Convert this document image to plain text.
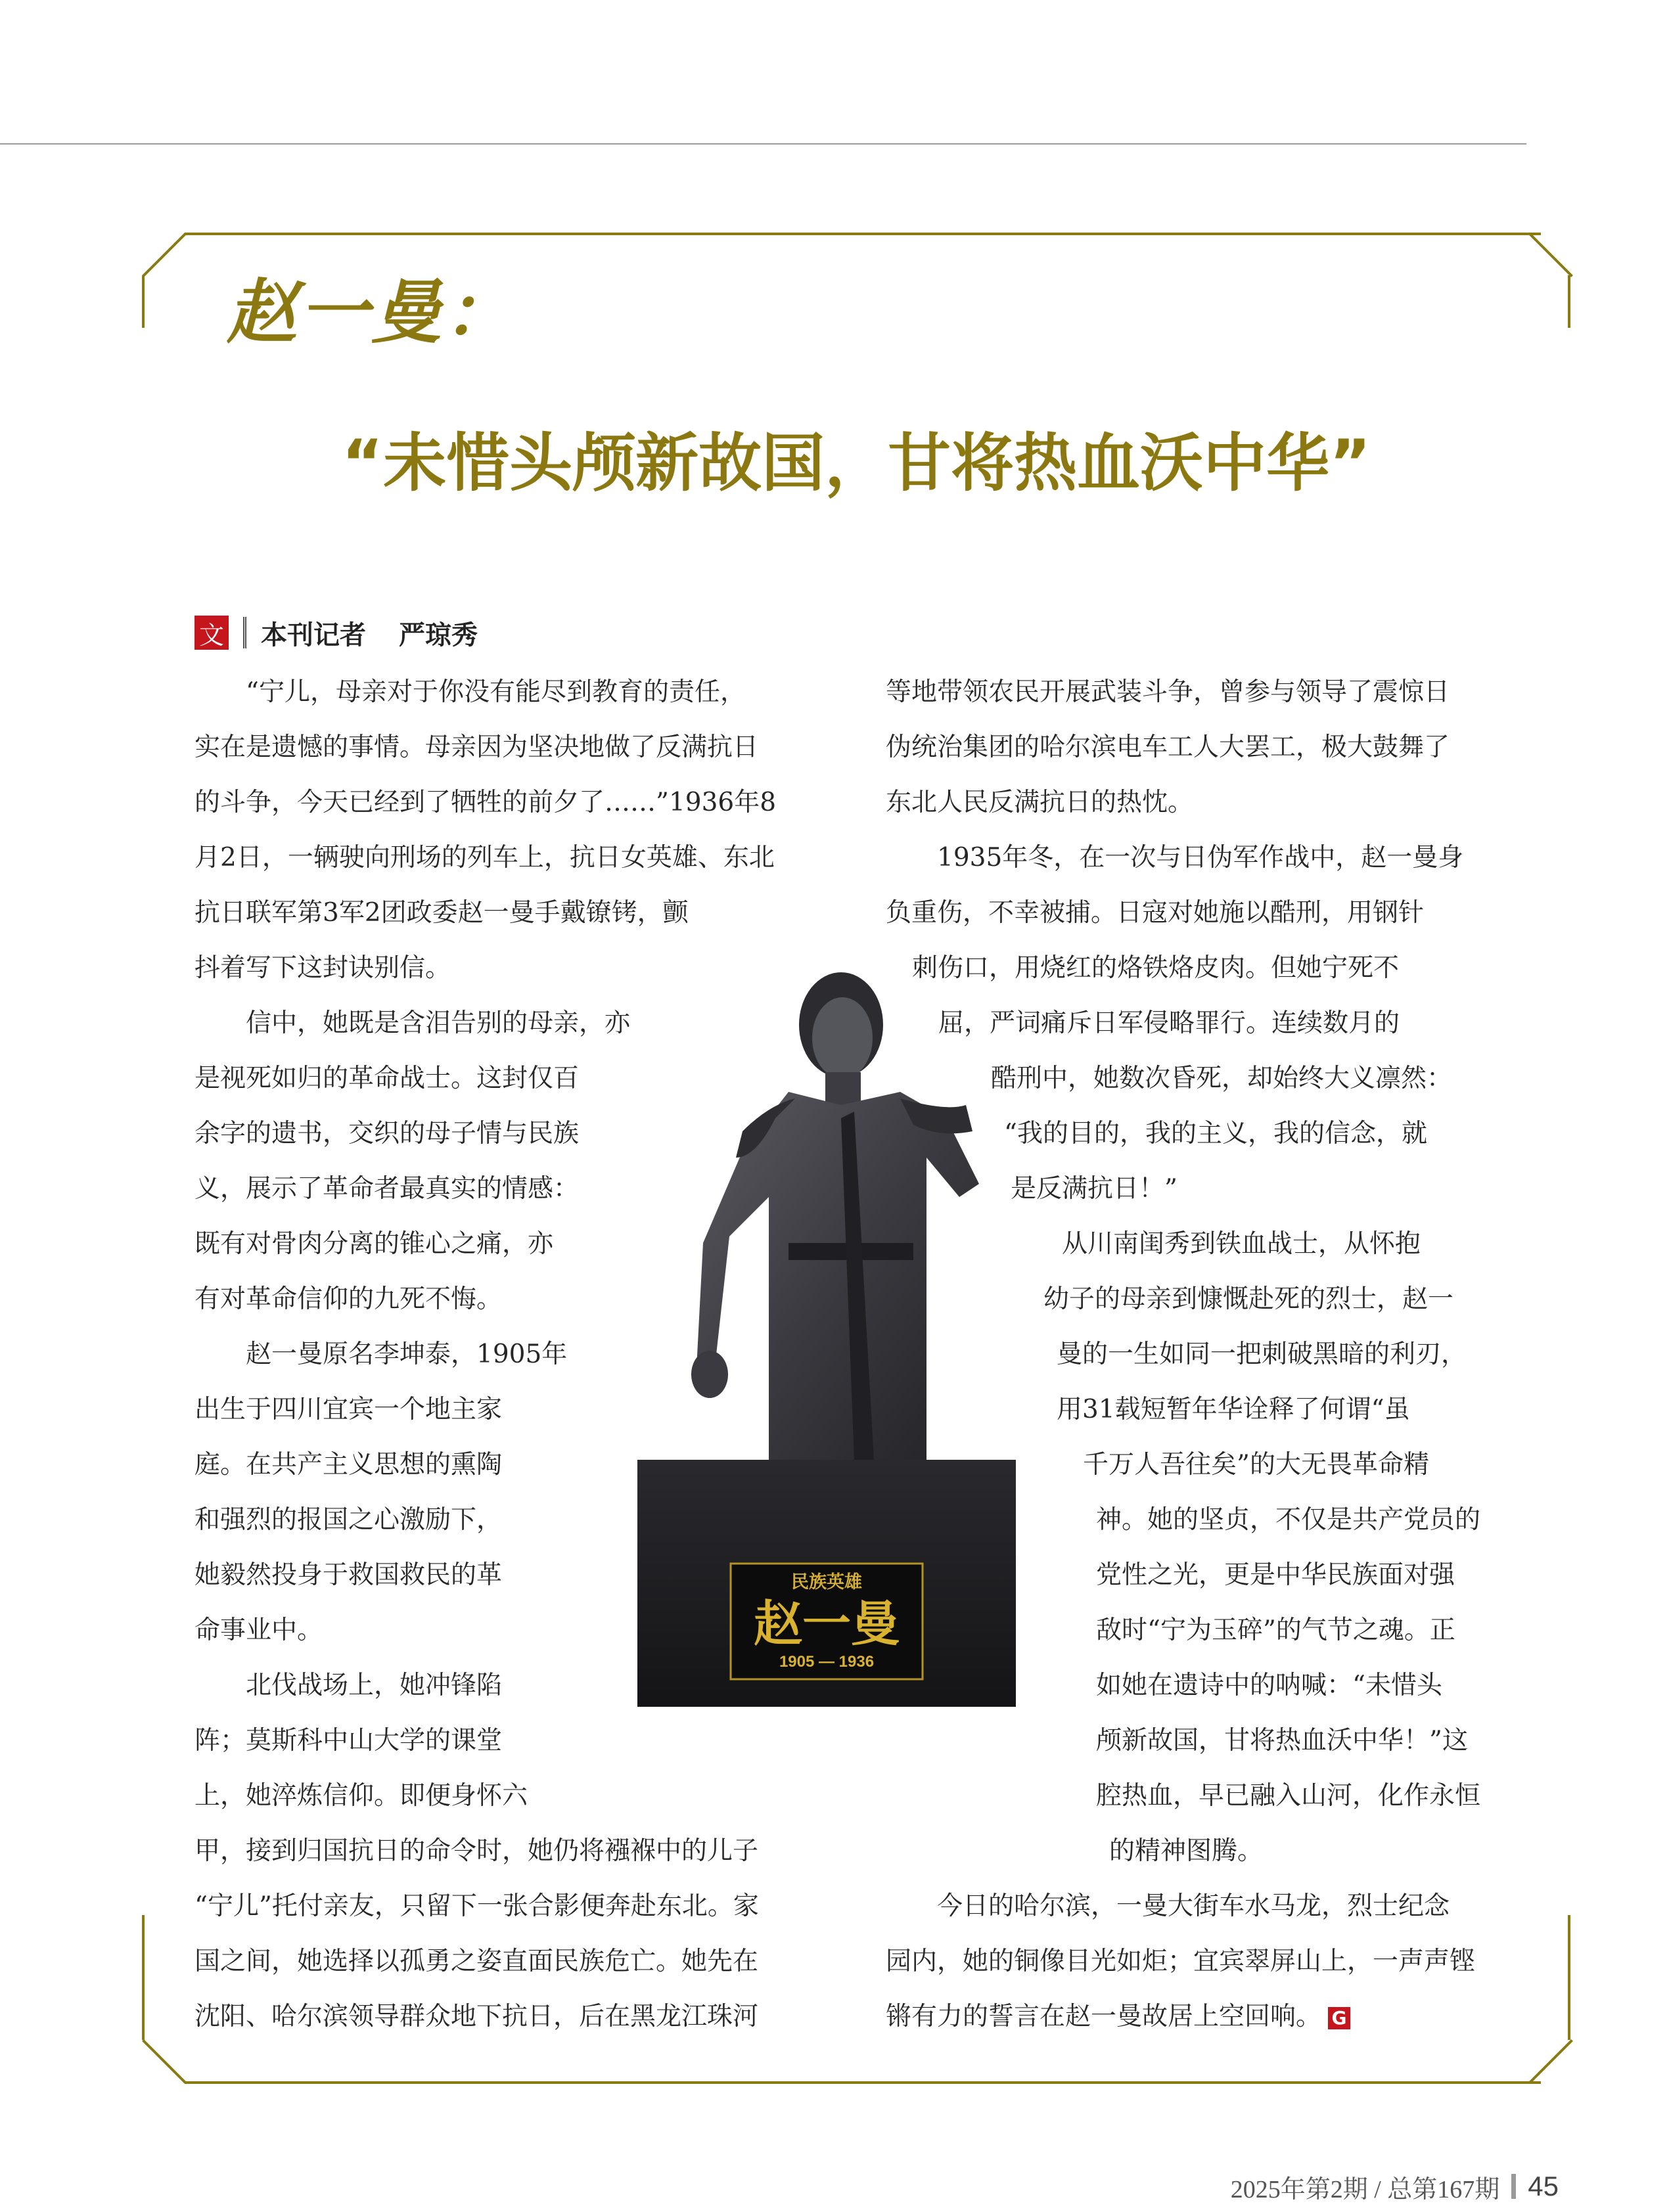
赵一曼：
“未惜头颅新故国，甘将热血沃中华”
文 本刊记者 严琼秀
　　“宁儿，母亲对于你没有能尽到教育的责任，
实在是遗憾的事情。母亲因为坚决地做了反满抗日
的斗争，今天已经到了牺牲的前夕了……”1936年8
月2日，一辆驶向刑场的列车上，抗日女英雄、东北
抗日联军第3军2团政委赵一曼手戴镣铐，颤
抖着写下这封诀别信。
　　信中，她既是含泪告别的母亲，亦
是视死如归的革命战士。这封仅百
余字的遗书，交织的母子情与民族
义，展示了革命者最真实的情感：
既有对骨肉分离的锥心之痛，亦
有对革命信仰的九死不悔。
　　赵一曼原名李坤泰，1905年
出生于四川宜宾一个地主家
庭。在共产主义思想的熏陶
和强烈的报国之心激励下，
她毅然投身于救国救民的革
命事业中。
　　北伐战场上，她冲锋陷
阵；莫斯科中山大学的课堂
上，她淬炼信仰。即便身怀六
甲，接到归国抗日的命令时，她仍将襁褓中的儿子
“宁儿”托付亲友，只留下一张合影便奔赴东北。家
国之间，她选择以孤勇之姿直面民族危亡。她先在
沈阳、哈尔滨领导群众地下抗日，后在黑龙江珠河
等地带领农民开展武装斗争，曾参与领导了震惊日
伪统治集团的哈尔滨电车工人大罢工，极大鼓舞了
东北人民反满抗日的热忱。
　　1935年冬，在一次与日伪军作战中，赵一曼身
负重伤，不幸被捕。日寇对她施以酷刑，用钢针
刺伤口，用烧红的烙铁烙皮肉。但她宁死不
屈，严词痛斥日军侵略罪行。连续数月的
酷刑中，她数次昏死，却始终大义凛然：
“我的目的，我的主义，我的信念，就
是反满抗日！”
　　从川南闺秀到铁血战士，从怀抱
幼子的母亲到慷慨赴死的烈士，赵一
曼的一生如同一把刺破黑暗的利刃，
用31载短暂年华诠释了何谓“虽
千万人吾往矣”的大无畏革命精
神。她的坚贞，不仅是共产党员的
党性之光，更是中华民族面对强
敌时“宁为玉碎”的气节之魂。正
如她在遗诗中的呐喊：“未惜头
颅新故国，甘将热血沃中华！”这
腔热血，早已融入山河，化作永恒
的精神图腾。
　　今日的哈尔滨，一曼大街车水马龙，烈士纪念
园内，她的铜像目光如炬；宜宾翠屏山上，一声声铿
锵有力的誓言在赵一曼故居上空回响。 G
民族英雄
赵一曼
1905 — 1936
2025年第2期 / 总第167期 45
